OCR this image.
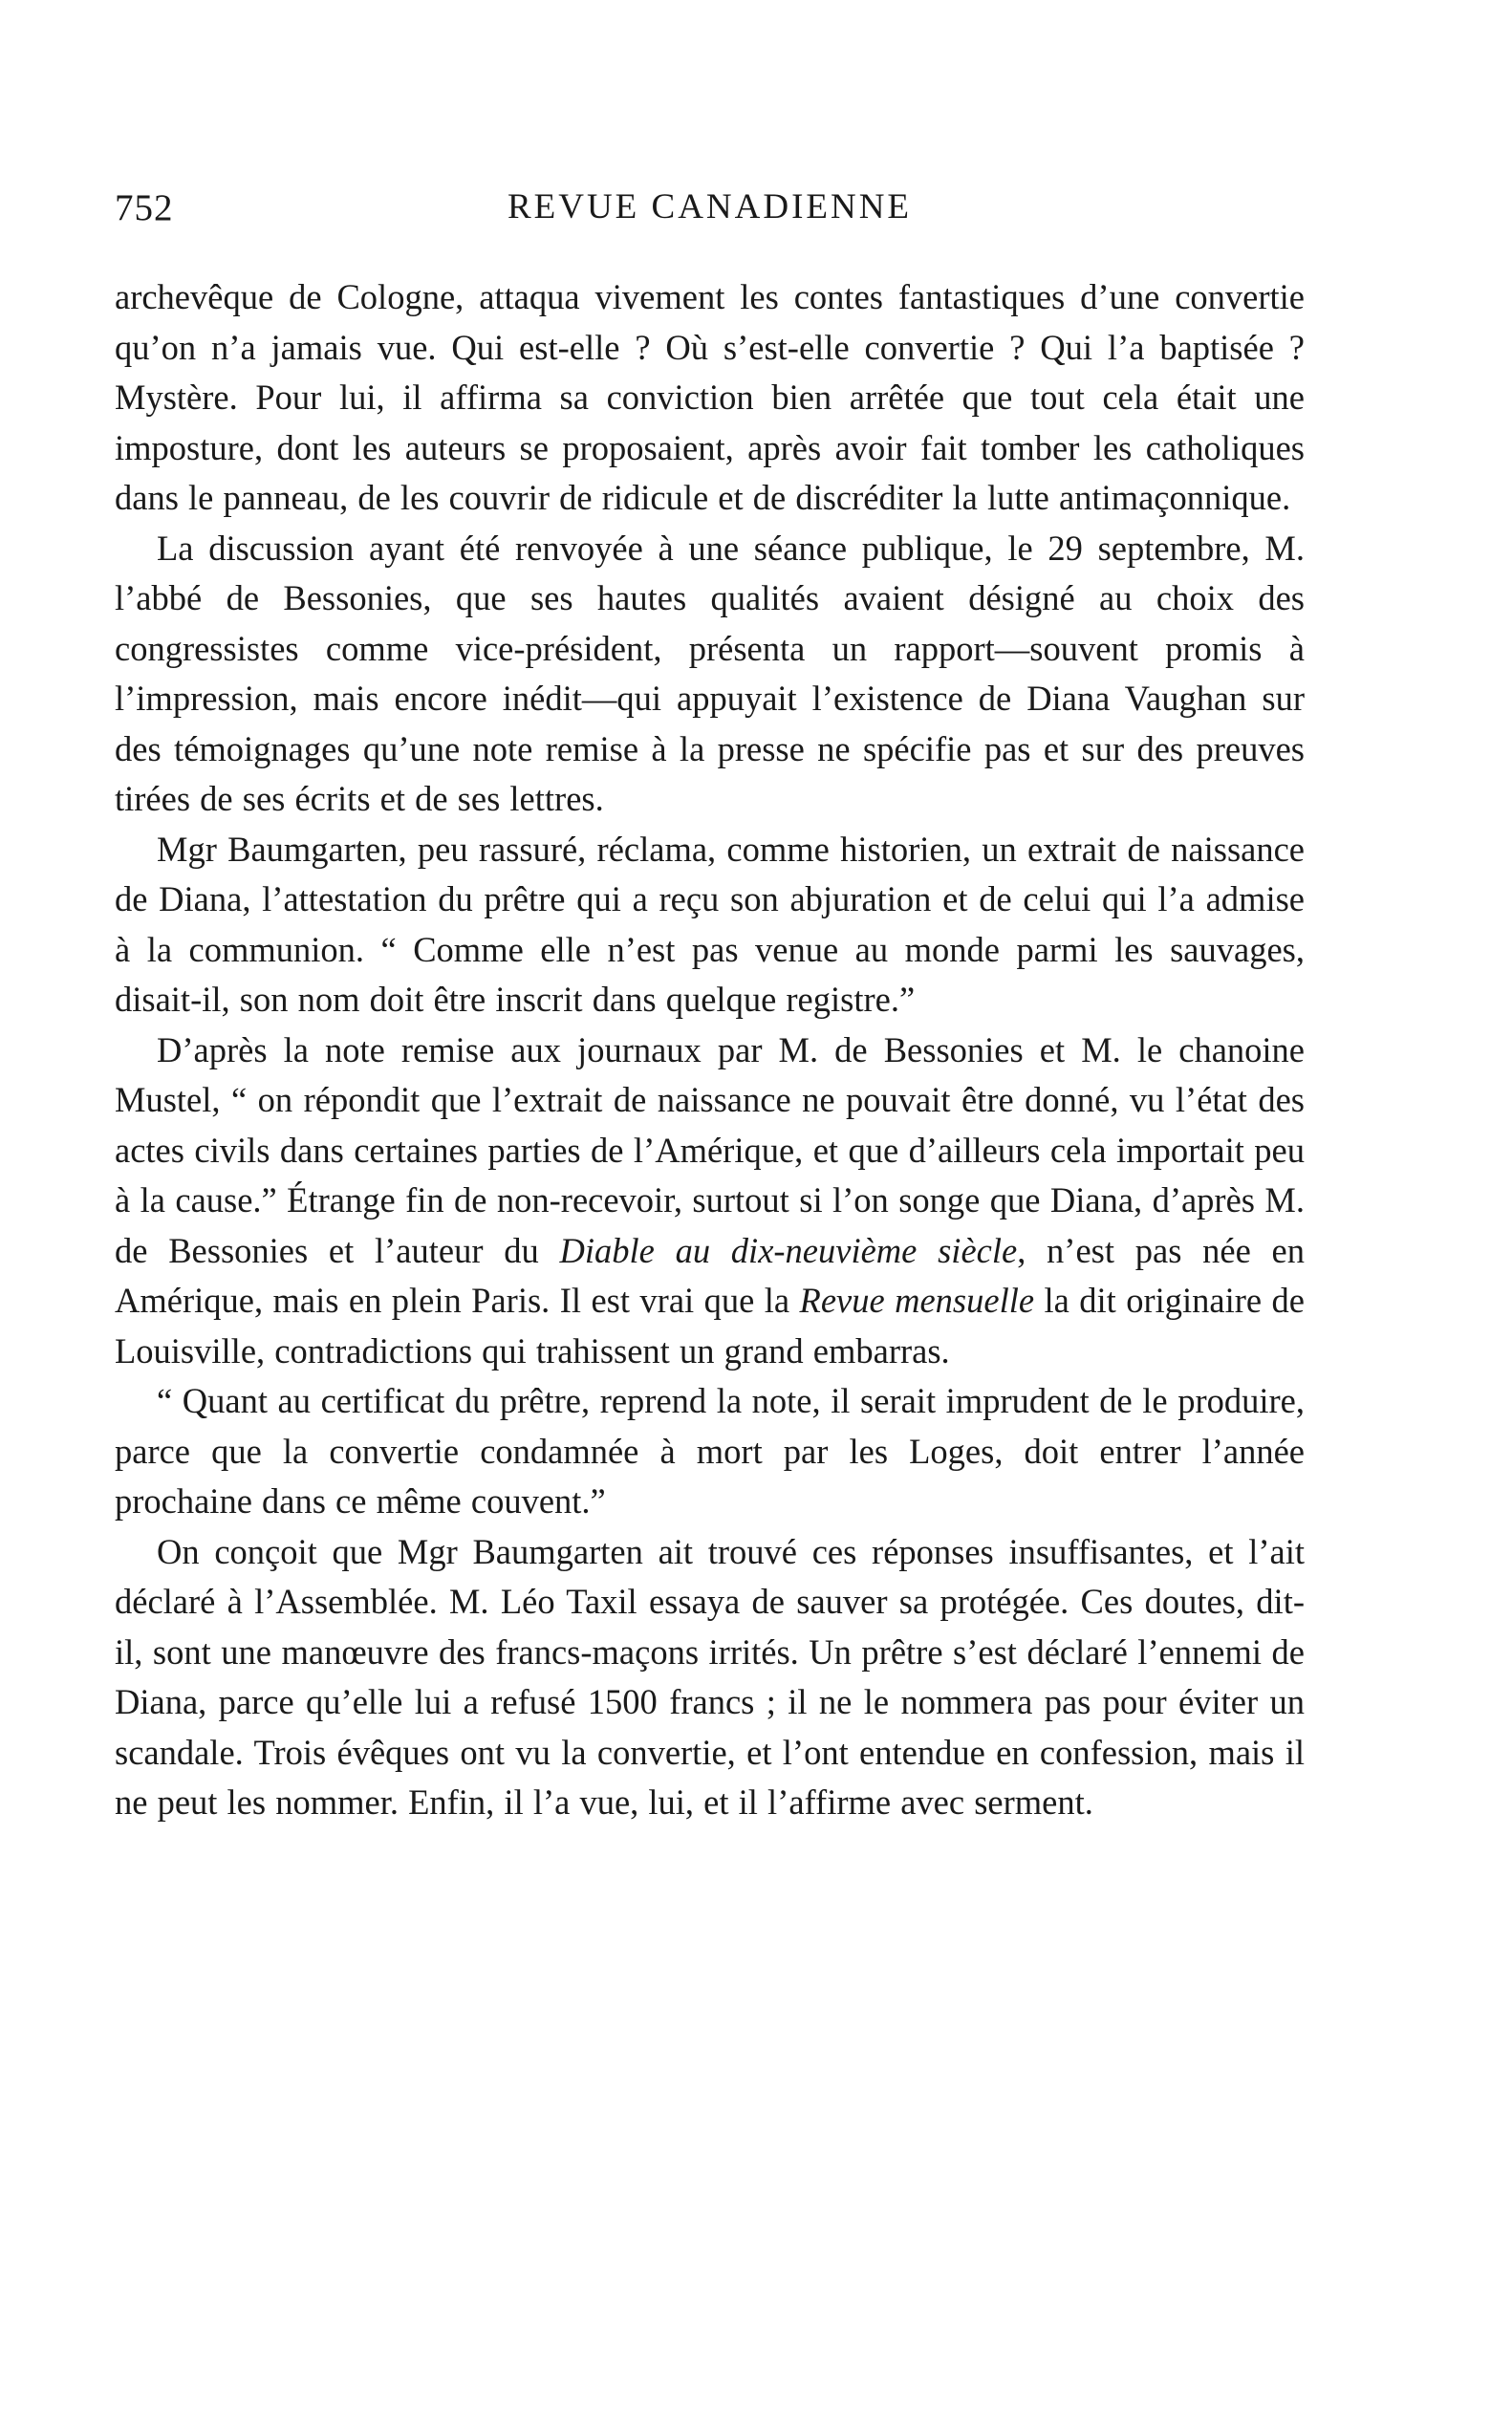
752	REVUE CANADIENNE

archevêque de Cologne, attaqua vivement les contes fantastiques d’une convertie qu’on n’a jamais vue. Qui est-elle ? Où s’est-elle convertie ? Qui l’a baptisée ? Mystère. Pour lui, il affirma sa conviction bien arrêtée que tout cela était une imposture, dont les auteurs se proposaient, après avoir fait tomber les catholiques dans le panneau, de les couvrir de ridicule et de discréditer la lutte antimaçonnique.

La discussion ayant été renvoyée à une séance publique, le 29 septembre, M. l’abbé de Bessonies, que ses hautes qualités avaient désigné au choix des congressistes comme vice-président, présenta un rapport—souvent promis à l’impression, mais encore inédit—qui appuyait l’existence de Diana Vaughan sur des témoignages qu’une note remise à la presse ne spécifie pas et sur des preuves tirées de ses écrits et de ses lettres.

Mgr Baumgarten, peu rassuré, réclama, comme historien, un extrait de naissance de Diana, l’attestation du prêtre qui a reçu son abjuration et de celui qui l’a admise à la communion. “ Comme elle n’est pas venue au monde parmi les sauvages, disait-il, son nom doit être inscrit dans quelque registre.”

D’après la note remise aux journaux par M. de Bessonies et M. le chanoine Mustel, “ on répondit que l’extrait de naissance ne pouvait être donné, vu l’état des actes civils dans certaines parties de l’Amérique, et que d’ailleurs cela importait peu à la cause.” Étrange fin de non-recevoir, surtout si l’on songe que Diana, d’après M. de Bessonies et l’auteur du Diable au dix-neuvième siècle, n’est pas née en Amérique, mais en plein Paris. Il est vrai que la Revue mensuelle la dit originaire de Louisville, contradictions qui trahissent un grand embarras.

“ Quant au certificat du prêtre, reprend la note, il serait imprudent de le produire, parce que la convertie condamnée à mort par les Loges, doit entrer l’année prochaine dans ce même couvent.”

On conçoit que Mgr Baumgarten ait trouvé ces réponses insuffisantes, et l’ait déclaré à l’Assemblée. M. Léo Taxil essaya de sauver sa protégée. Ces doutes, dit-il, sont une manœuvre des francs-maçons irrités. Un prêtre s’est déclaré l’ennemi de Diana, parce qu’elle lui a refusé 1500 francs ; il ne le nommera pas pour éviter un scandale. Trois évêques ont vu la convertie, et l’ont entendue en confession, mais il ne peut les nommer. Enfin, il l’a vue, lui, et il l’affirme avec serment.
